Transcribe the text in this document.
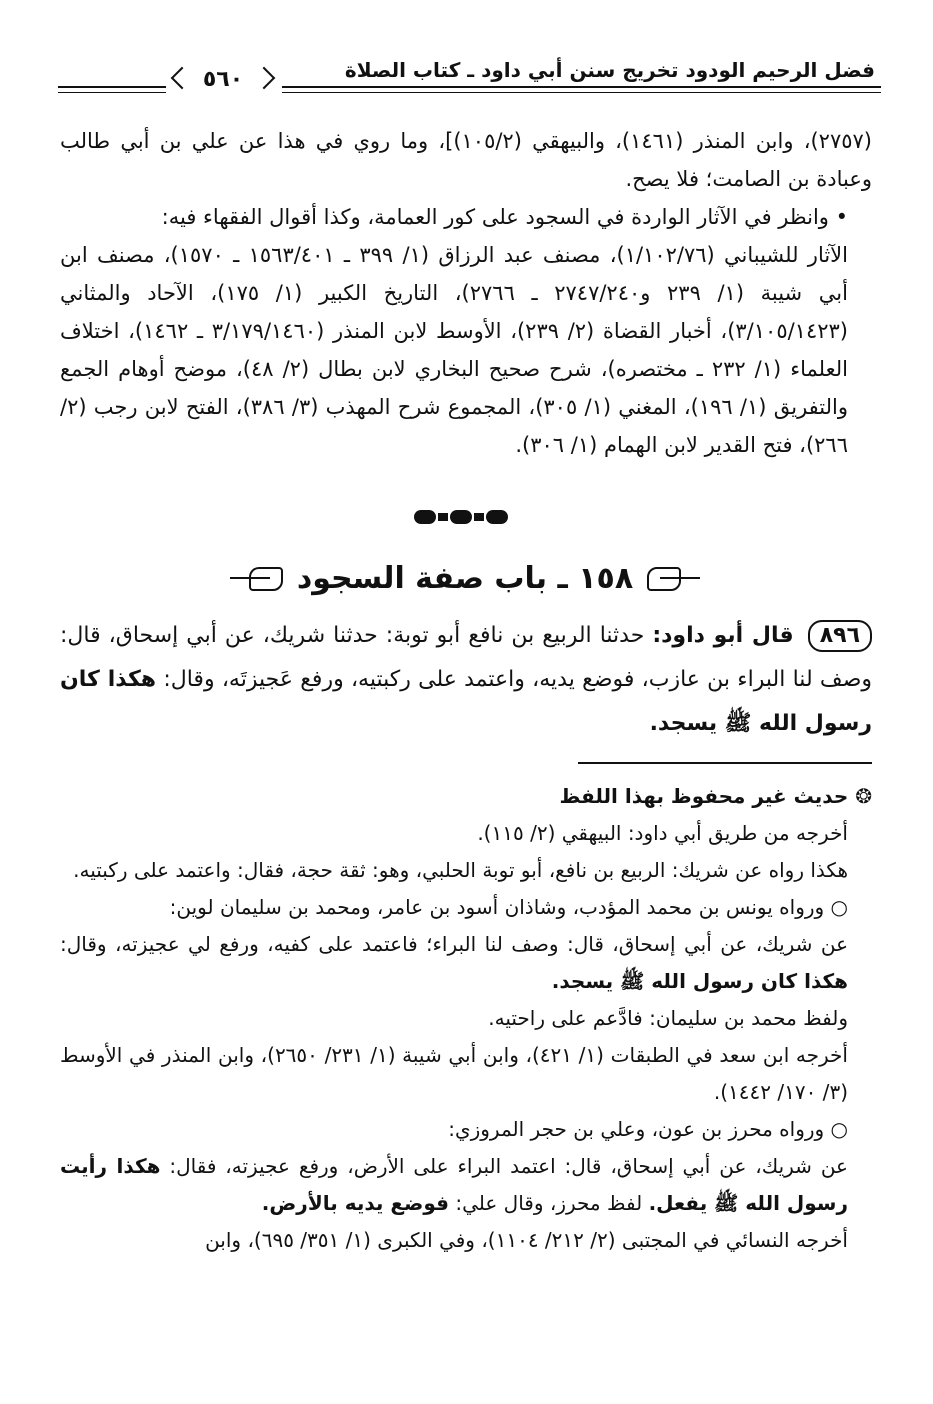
فضل الرحيم الودود تخريج سنن أبي داود ـ كتاب الصلاة
٥٦٠

(٢٧٥٧)، وابن المنذر (١٤٦١)، والبيهقي (١٠٥/٢)]، وما روي في هذا عن علي بن أبي طالب وعبادة بن الصامت؛ فلا يصح.

• وانظر في الآثار الواردة في السجود على كور العمامة، وكذا أقوال الفقهاء فيه:

الآثار للشيباني (١/١٠٢/٧٦)، مصنف عبد الرزاق (١/ ٣٩٩ ـ ١٥٦٣/٤٠١ ـ ١٥٧٠)، مصنف ابن أبي شيبة (١/ ٢٣٩ و٢٧٤٧/٢٤٠ ـ ٢٧٦٦)، التاريخ الكبير (١/ ١٧٥)، الآحاد والمثاني (٣/١٠٥/١٤٢٣)، أخبار القضاة (٢/ ٢٣٩)، الأوسط لابن المنذر (٣/١٧٩/١٤٦٠ ـ ١٤٦٢)، اختلاف العلماء (١/ ٢٣٢ ـ مختصره)، شرح صحيح البخاري لابن بطال (٢/ ٤٨)، موضح أوهام الجمع والتفريق (١/ ١٩٦)، المغني (١/ ٣٠٥)، المجموع شرح المهذب (٣/ ٣٨٦)، الفتح لابن رجب (٢/ ٢٦٦)، فتح القدير لابن الهمام (١/ ٣٠٦).

١٥٨ ـ باب صفة السجود

٨٩٦ قال أبو داود: حدثنا الربيع بن نافع أبو توبة: حدثنا شريك، عن أبي إسحاق، قال: وصف لنا البراء بن عازب، فوضع يديه، واعتمد على ركبتيه، ورفع عَجيزتَه، وقال: هكذا كان رسول الله ﷺ يسجد.

❂ حديث غير محفوظ بهذا اللفظ

أخرجه من طريق أبي داود: البيهقي (٢/ ١١٥).

هكذا رواه عن شريك: الربيع بن نافع، أبو توبة الحلبي، وهو: ثقة حجة، فقال: واعتمد على ركبتيه.

○ ورواه يونس بن محمد المؤدب، وشاذان أسود بن عامر، ومحمد بن سليمان لوين:

عن شريك، عن أبي إسحاق، قال: وصف لنا البراء؛ فاعتمد على كفيه، ورفع لي عجيزته، وقال: هكذا كان رسول الله ﷺ يسجد.

ولفظ محمد بن سليمان: فادَّعم على راحتيه.

أخرجه ابن سعد في الطبقات (١/ ٤٢١)، وابن أبي شيبة (١/ ٢٣١/ ٢٦٥٠)، وابن المنذر في الأوسط (٣/ ١٧٠/ ١٤٤٢).

○ ورواه محرز بن عون، وعلي بن حجر المروزي:

عن شريك، عن أبي إسحاق، قال: اعتمد البراء على الأرض، ورفع عجيزته، فقال: هكذا رأيت رسول الله ﷺ يفعل. لفظ محرز، وقال علي: فوضع يديه بالأرض.

أخرجه النسائي في المجتبى (٢/ ٢١٢/ ١١٠٤)، وفي الكبرى (١/ ٣٥١/ ٦٩٥)، وابن
